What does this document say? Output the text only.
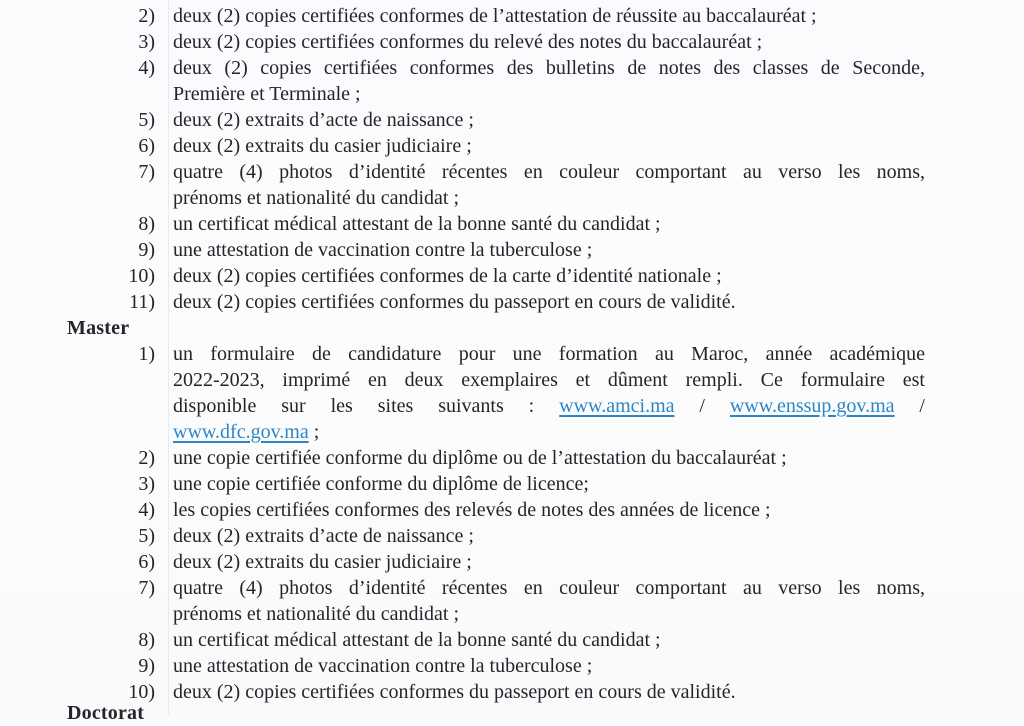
2) deux (2) copies certifiées conformes de l’attestation de réussite au baccalauréat ;
3) deux (2) copies certifiées conformes du relevé des notes du baccalauréat ;
4) deux (2) copies certifiées conformes des bulletins de notes des classes de Seconde,
Première et Terminale ;
5) deux (2) extraits d’acte de naissance ;
6) deux (2) extraits du casier judiciaire ;
7) quatre (4) photos d’identité récentes en couleur comportant au verso les noms,
prénoms et nationalité du candidat ;
8) un certificat médical attestant de la bonne santé du candidat ;
9) une attestation de vaccination contre la tuberculose ;
10) deux (2) copies certifiées conformes de la carte d’identité nationale ;
11) deux (2) copies certifiées conformes du passeport en cours de validité.
Master
1) un formulaire de candidature pour une formation au Maroc, année académique
2022-2023, imprimé en deux exemplaires et dûment rempli. Ce formulaire est
disponible sur les sites suivants : www.amci.ma / www.enssup.gov.ma /
www.dfc.gov.ma ;
2) une copie certifiée conforme du diplôme ou de l’attestation du baccalauréat ;
3) une copie certifiée conforme du diplôme de licence;
4) les copies certifiées conformes des relevés de notes des années de licence ;
5) deux (2) extraits d’acte de naissance ;
6) deux (2) extraits du casier judiciaire ;
7) quatre (4) photos d’identité récentes en couleur comportant au verso les noms,
prénoms et nationalité du candidat ;
8) un certificat médical attestant de la bonne santé du candidat ;
9) une attestation de vaccination contre la tuberculose ;
10) deux (2) copies certifiées conformes du passeport en cours de validité.
Doctorat
